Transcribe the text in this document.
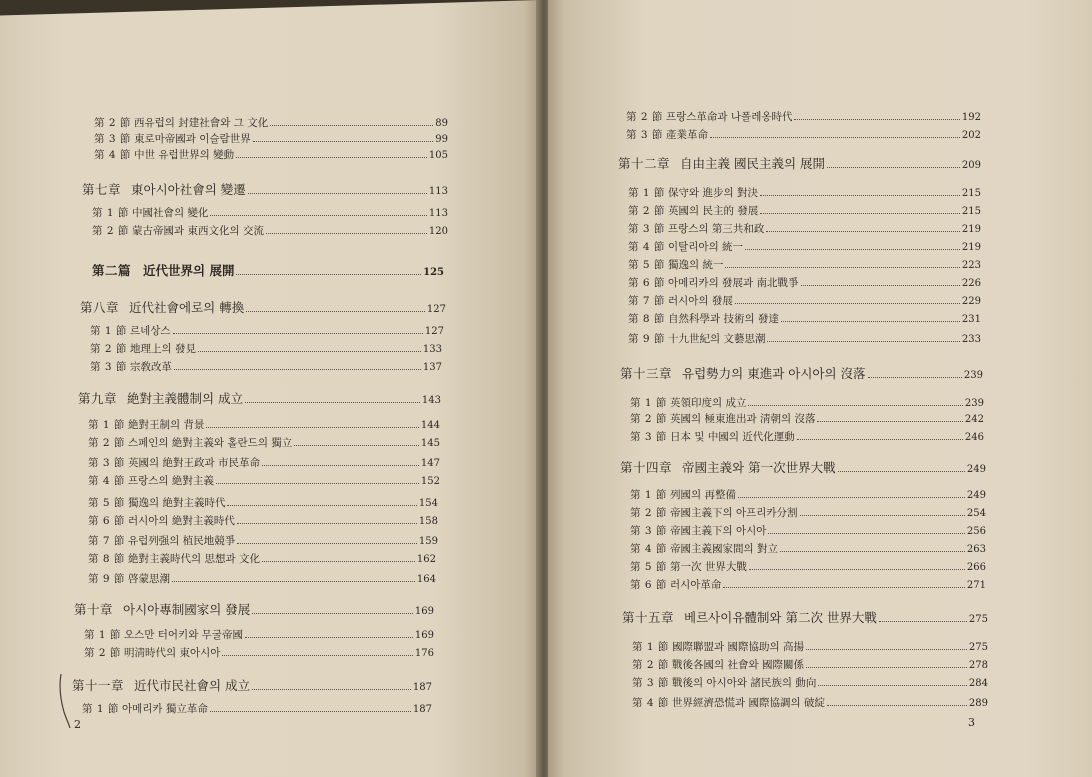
第 2 節 西유럽의 封建社會와 그 文化	89
第 3 節 東로마帝國과 이슬람世界	99
第 4 節 中世 유럽世界의 變動	105
第七章 東아시아社會의 變遷	113
第 1 節 中國社會의 變化	113
第 2 節 蒙古帝國과 東西文化의 交流	120
第二篇 近代世界의 展開	125
第八章 近代社會에로의 轉換	127
第 1 節 르네상스	127
第 2 節 地理上의 發見	133
第 3 節 宗敎改革	137
第九章 絶對主義體制의 成立	143
第 1 節 絶對王制의 背景	144
第 2 節 스페인의 絶對主義와 홀란드의 獨立	145
第 3 節 英國의 絶對王政과 市民革命	147
第 4 節 프랑스의 絶對主義	152
第 5 節 獨逸의 絶對主義時代	154
第 6 節 러시아의 絶對主義時代	158
第 7 節 유럽列强의 植民地競爭	159
第 8 節 絶對主義時代의 思想과 文化	162
第 9 節 啓蒙思潮	164
第十章 아시아專制國家의 發展	169
第 1 節 오스만 터어키와 무굴帝國	169
第 2 節 明淸時代의 東아시아	176
第十一章 近代市民社會의 成立	187
第 1 節 아메리카 獨立革命	187
第 2 節 프랑스革命과 나폴레옹時代	192
第 3 節 產業革命	202
第十二章 自由主義 國民主義의 展開	209
第 1 節 保守와 進步의 對決	215
第 2 節 英國의 民主的 發展	215
第 3 節 프랑스의 第三共和政	219
第 4 節 이탈리아의 統一	219
第 5 節 獨逸의 統一	223
第 6 節 아메리카의 發展과 南北戰爭	226
第 7 節 러시아의 發展	229
第 8 節 自然科學과 技術의 發達	231
第 9 節 十九世紀의 文藝思潮	233
第十三章 유럽勢力의 東進과 아시아의 沒落	239
第 1 節 英領印度의 成立	239
第 2 節 英國의 極東進出과 淸朝의 沒落	242
第 3 節 日本 및 中國의 近代化運動	246
第十四章 帝國主義와 第一次世界大戰	249
第 1 節 列國의 再整備	249
第 2 節 帝國主義下의 아프리카分割	254
第 3 節 帝國主義下의 아시아	256
第 4 節 帝國主義國家間의 對立	263
第 5 節 第一次 世界大戰	266
第 6 節 러시아革命	271
第十五章 베르사이유體制와 第二次 世界大戰	275
第 1 節 國際聯盟과 國際協助의 高揚	275
第 2 節 戰後各國의 社會와 國際關係	278
第 3 節 戰後의 아시아와 諸民族의 動向	284
第 4 節 世界經濟恐慌과 國際協調의 破綻	289
2	3
